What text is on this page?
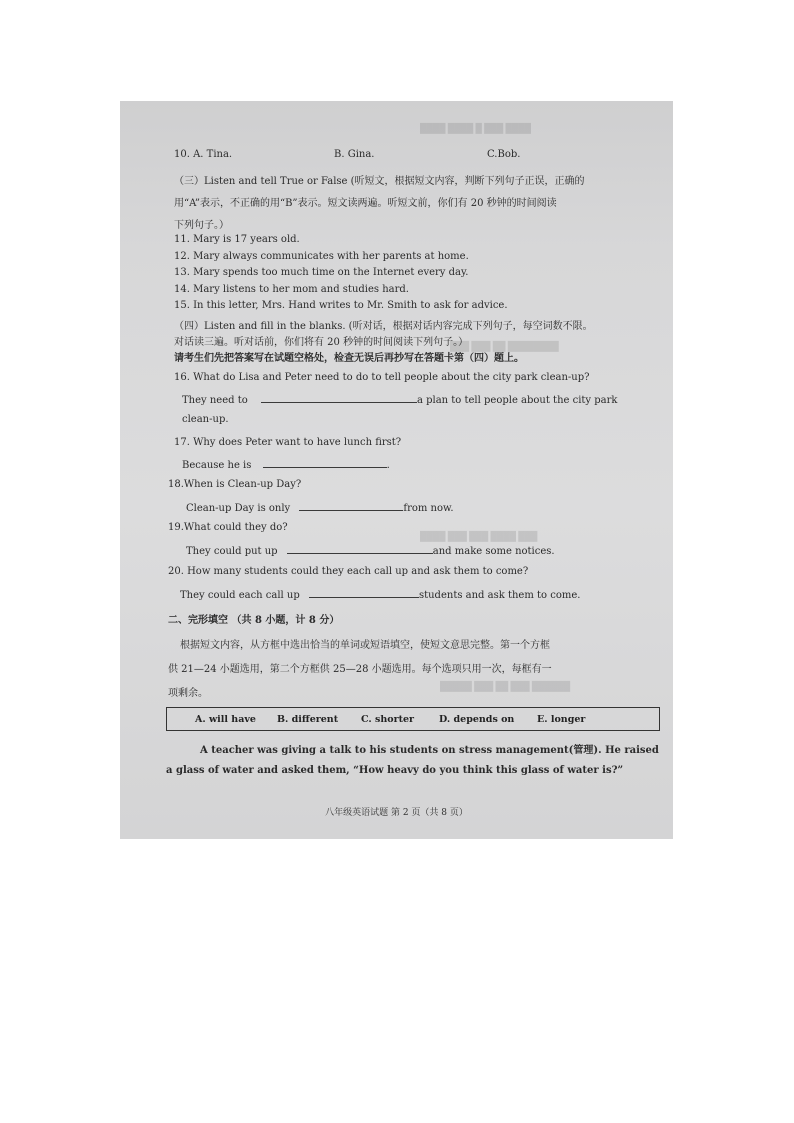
████ ███ █ ████ ████
████████ ██ ███ ███
███ ████ ███ ███ ████
██████ ███ ██ ███ █████
10. A. Tina.	B. Gina.	C.Bob.
（三）Listen and tell True or False (听短文，根据短文内容，判断下列句子正误，正确的
用“A”表示，不正确的用“B”表示。短文读两遍。听短文前，你们有 20 秒钟的时间阅读
下列句子。）
11. Mary is 17 years old.
12. Mary always communicates with her parents at home.
13. Mary spends too much time on the Internet every day.
14. Mary listens to her mom and studies hard.
15. In this letter, Mrs. Hand writes to Mr. Smith to ask for advice.
（四）Listen and fill in the blanks. (听对话，根据对话内容完成下列句子，每空词数不限。
对话读三遍。听对话前，你们将有 20 秒钟的时间阅读下列句子。）
请考生们先把答案写在试题空格处，检查无误后再抄写在答题卡第（四）题上。
16. What do Lisa and Peter need to do to tell people about the city park clean-up?
They need to	a plan to tell people about the city park
clean-up.
17. Why does Peter want to have lunch first?
Because he is	.
18.When is Clean-up Day?
Clean-up Day is only	from now.
19.What could they do?
They could put up	and make some notices.
20. How many students could they each call up and ask them to come?
They could each call up	students and ask them to come.
二、完形填空 （共 8 小题，计 8 分）
根据短文内容，从方框中选出恰当的单词或短语填空，使短文意思完整。第一个方框
供 21—24 小题选用，第二个方框供 25—28 小题选用。每个选项只用一次，每框有一
项剩余。
A. will have B. different C. shorter	D. depends on E. longer
A teacher was giving a talk to his students on stress management(管理). He raised
a glass of water and asked them, “How heavy do you think this glass of water is?”
八年级英语试题 第 2 页（共 8 页）
